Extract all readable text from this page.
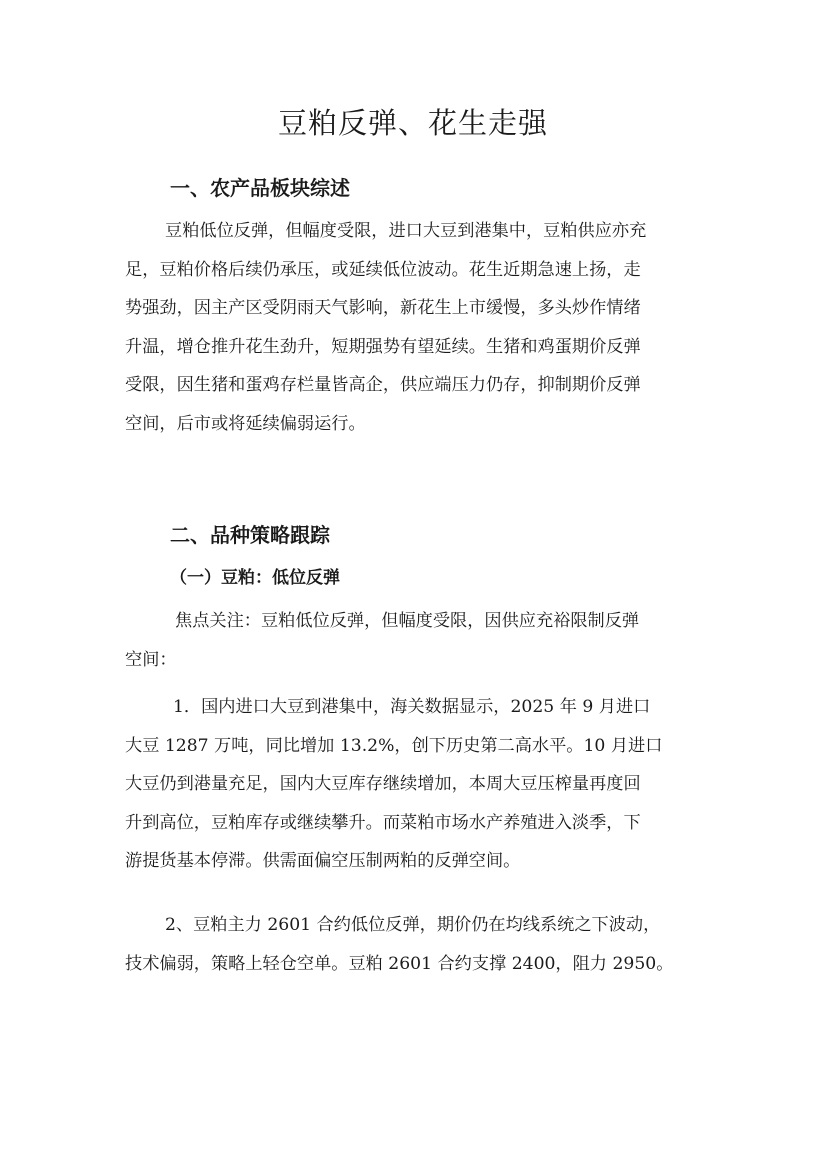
豆粕反弹、花生走强
一、农产品板块综述
豆粕低位反弹，但幅度受限，进口大豆到港集中，豆粕供应亦充
足，豆粕价格后续仍承压，或延续低位波动。花生近期急速上扬，走
势强劲，因主产区受阴雨天气影响，新花生上市缓慢，多头炒作情绪
升温，增仓推升花生劲升，短期强势有望延续。生猪和鸡蛋期价反弹
受限，因生猪和蛋鸡存栏量皆高企，供应端压力仍存，抑制期价反弹
空间，后市或将延续偏弱运行。
二、品种策略跟踪
（一）豆粕：低位反弹
焦点关注：豆粕低位反弹，但幅度受限，因供应充裕限制反弹
空间：
1．国内进口大豆到港集中，海关数据显示，2025 年 9 月进口
大豆 1287 万吨，同比增加 13.2%，创下历史第二高水平。10 月进口
大豆仍到港量充足，国内大豆库存继续增加，本周大豆压榨量再度回
升到高位，豆粕库存或继续攀升。而菜粕市场水产养殖进入淡季，下
游提货基本停滞。供需面偏空压制两粕的反弹空间。
2、豆粕主力 2601 合约低位反弹，期价仍在均线系统之下波动，
技术偏弱，策略上轻仓空单。豆粕 2601 合约支撑 2400，阻力 2950。
